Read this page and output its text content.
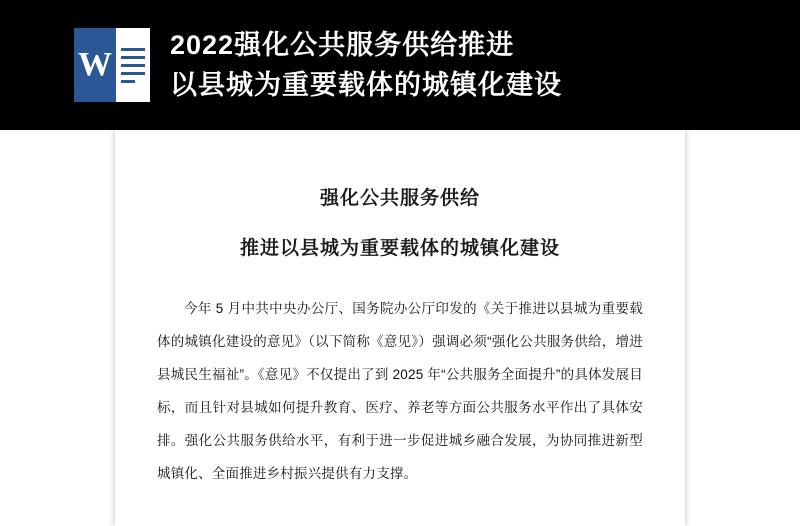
W
2022强化公共服务供给推进
以县城为重要载体的城镇化建设
强化公共服务供给
推进以县城为重要载体的城镇化建设
今年 5 月中共中央办公厅、国务院办公厅印发的《关于推进以县城为重要载体的城镇化建设的意见》（以下简称《意见》）强调必须“强化公共服务供给，增进县城民生福祉”。《意见》不仅提出了到 2025 年“公共服务全面提升”的具体发展目标，而且针对县城如何提升教育、医疗、养老等方面公共服务水平作出了具体安排。强化公共服务供给水平，有利于进一步促进城乡融合发展，为协同推进新型城镇化、全面推进乡村振兴提供有力支撑。
